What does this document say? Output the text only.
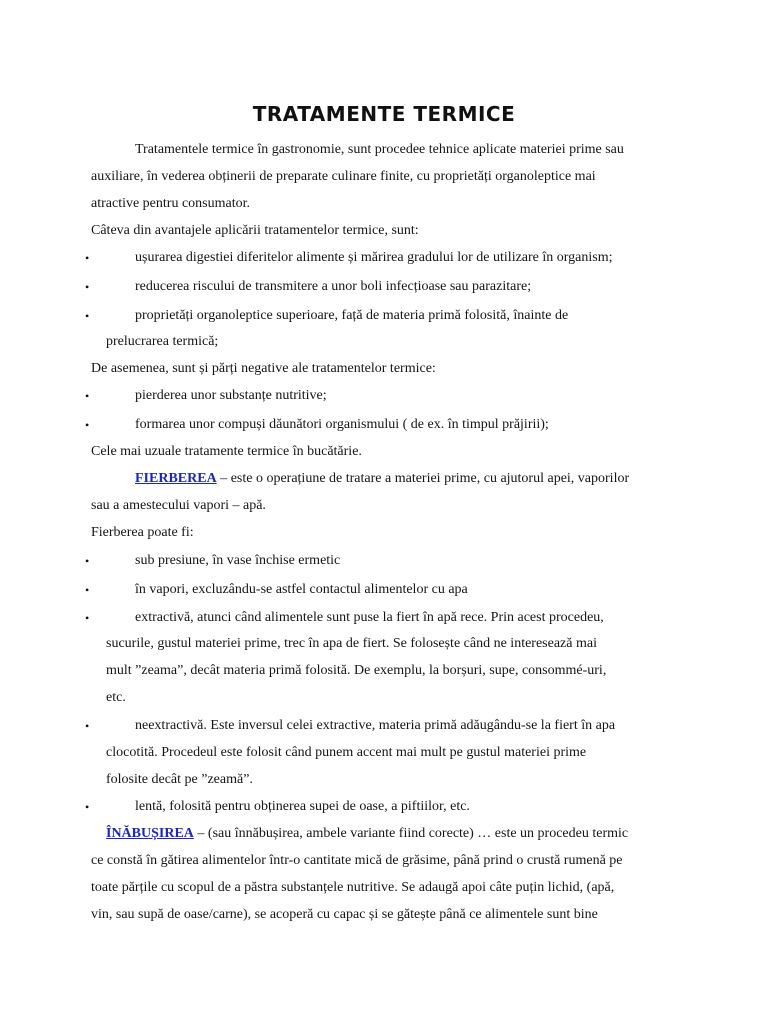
TRATAMENTE TERMICE
Tratamentele termice în gastronomie, sunt procedee tehnice aplicate materiei prime sau
auxiliare, în vederea obținerii de preparate culinare finite, cu proprietăți organoleptice mai
atractive pentru consumator.
Câteva din avantajele aplicării tratamentelor termice, sunt:
•	ușurarea digestiei diferitelor alimente și mărirea gradului lor de utilizare în organism;
•	reducerea riscului de transmitere a unor boli infecțioase sau parazitare;
•	proprietăți organoleptice superioare, față de materia primă folosită, înainte de
prelucrarea termică;
De asemenea, sunt și părți negative ale tratamentelor termice:
•	pierderea unor substanțe nutritive;
•	formarea unor compuși dăunători organismului ( de ex. în timpul prăjirii);
Cele mai uzuale tratamente termice în bucătărie.
FIERBEREA – este o operațiune de tratare a materiei prime, cu ajutorul apei, vaporilor
sau a amestecului vapori – apă.
Fierberea poate fi:
•	sub presiune, în vase închise ermetic
•	în vapori, excluzându-se astfel contactul alimentelor cu apa
•	extractivă, atunci când alimentele sunt puse la fiert în apă rece. Prin acest procedeu,
sucurile, gustul materiei prime, trec în apa de fiert. Se folosește când ne interesează mai
mult ”zeama”, decât materia primă folosită. De exemplu, la borșuri, supe, consommé-uri,
etc.
•	neextractivă. Este inversul celei extractive, materia primă adăugându-se la fiert în apa
clocotită. Procedeul este folosit când punem accent mai mult pe gustul materiei prime
folosite decât pe ”zeamă”.
•	lentă, folosită pentru obținerea supei de oase, a piftiilor, etc.
ÎNĂBUȘIREA – (sau înnăbușirea, ambele variante fiind corecte) … este un procedeu termic
ce constă în gătirea alimentelor într-o cantitate mică de grăsime, până prind o crustă rumenă pe
toate părțile cu scopul de a păstra substanțele nutritive. Se adaugă apoi câte puțin lichid, (apă,
vin, sau supă de oase/carne), se acoperă cu capac și se gătește până ce alimentele sunt bine
